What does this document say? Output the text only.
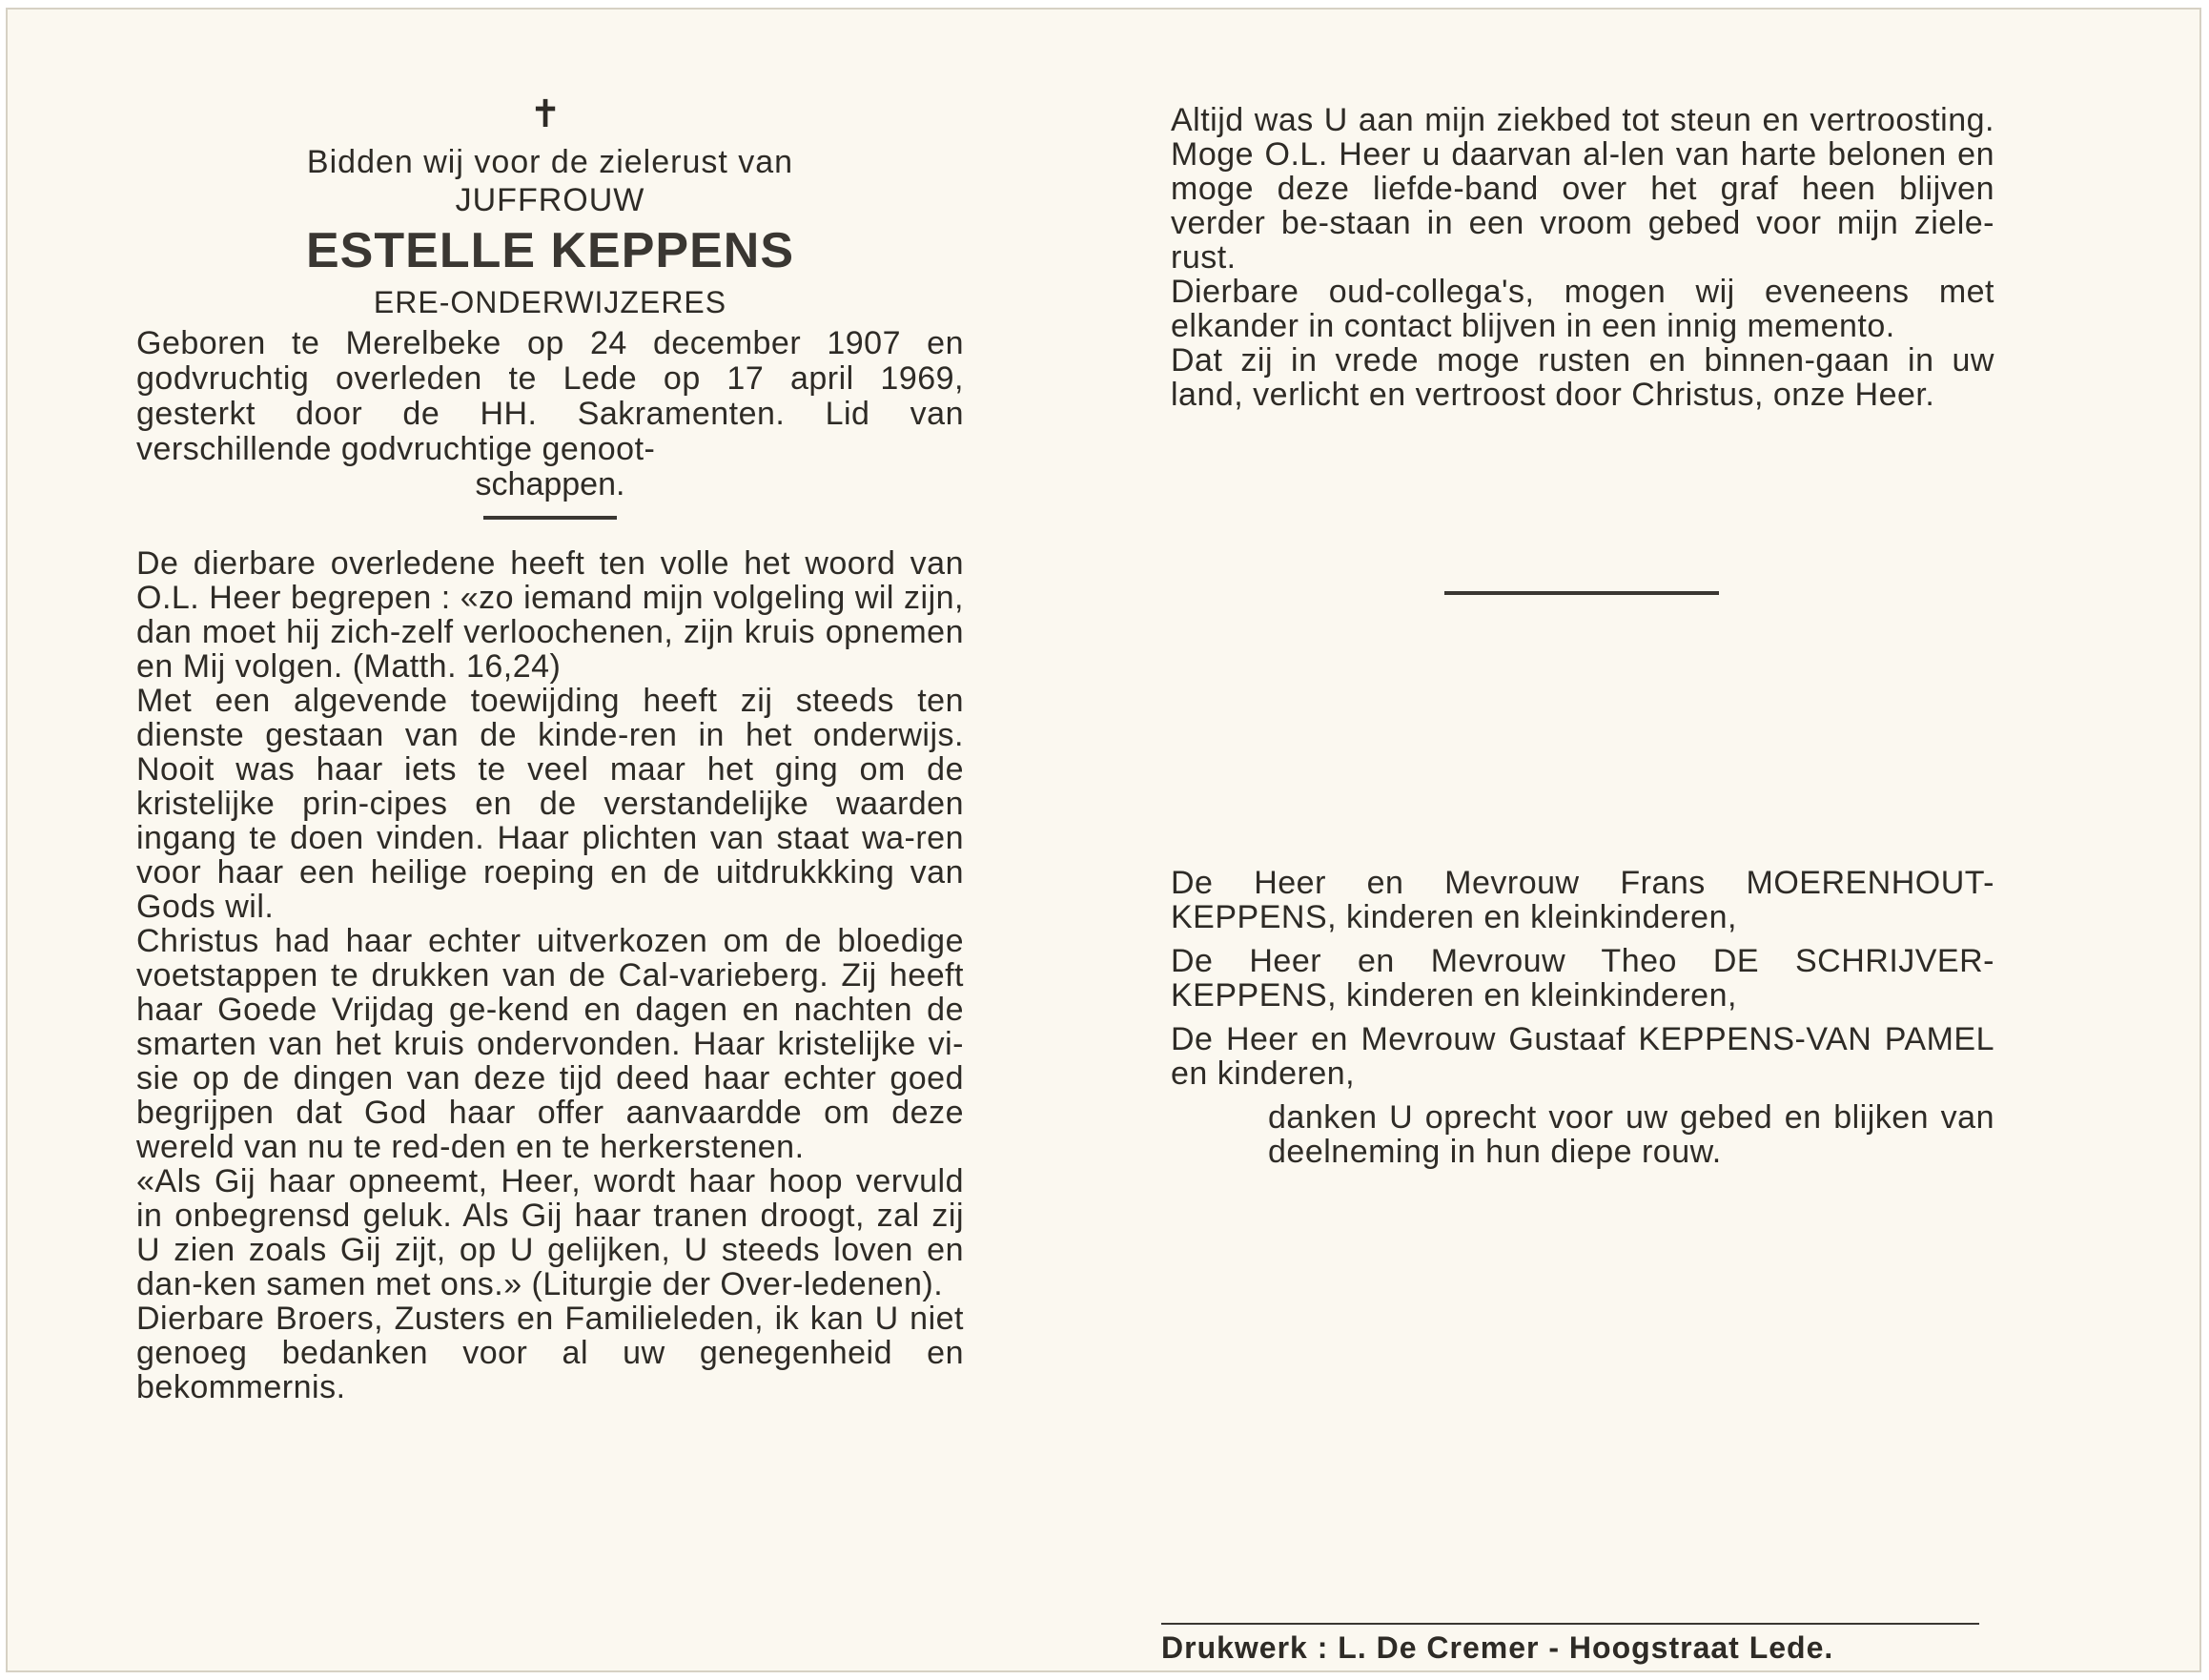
✝
Bidden wij voor de zielerust van
JUFFROUW
ESTELLE KEPPENS
ERE-ONDERWIJZERES

Geboren te Merelbeke op 24 december 1907 en godvruchtig overleden te Lede op 17 april 1969, gesterkt door de HH. Sakramenten. Lid van verschillende godvruchtige genoot-

schappen.

De dierbare overledene heeft ten volle het woord van O.L. Heer begrepen : «zo iemand mijn volgeling wil zijn, dan moet hij zich-zelf verloochenen, zijn kruis opnemen en Mij volgen. (Matth. 16,24)

Met een algevende toewijding heeft zij steeds ten dienste gestaan van de kinde-ren in het onderwijs. Nooit was haar iets te veel maar het ging om de kristelijke prin-cipes en de verstandelijke waarden ingang te doen vinden. Haar plichten van staat wa-ren voor haar een heilige roeping en de uitdrukkking van Gods wil.

Christus had haar echter uitverkozen om de bloedige voetstappen te drukken van de Cal-varieberg. Zij heeft haar Goede Vrijdag ge-kend en dagen en nachten de smarten van het kruis ondervonden. Haar kristelijke vi-sie op de dingen van deze tijd deed haar echter goed begrijpen dat God haar offer aanvaardde om deze wereld van nu te red-den en te herkerstenen.

«Als Gij haar opneemt, Heer, wordt haar hoop vervuld in onbegrensd geluk. Als Gij haar tranen droogt, zal zij U zien zoals Gij zijt, op U gelijken, U steeds loven en dan-ken samen met ons.» (Liturgie der Over-ledenen).

Dierbare Broers, Zusters en Familieleden, ik kan U niet genoeg bedanken voor al uw genegenheid en bekommernis.

Altijd was U aan mijn ziekbed tot steun en vertroosting. Moge O.L. Heer u daarvan al-len van harte belonen en moge deze liefde-band over het graf heen blijven verder be-staan in een vroom gebed voor mijn ziele-rust.

Dierbare oud-collega's, mogen wij eveneens met elkander in contact blijven in een innig memento.

Dat zij in vrede moge rusten en binnen-gaan in uw land, verlicht en vertroost door Christus, onze Heer.

De Heer en Mevrouw Frans MOERENHOUT-KEPPENS, kinderen en kleinkinderen,

De Heer en Mevrouw Theo DE SCHRIJVER-KEPPENS, kinderen en kleinkinderen,

De Heer en Mevrouw Gustaaf KEPPENS-VAN PAMEL en kinderen,

danken U oprecht voor uw gebed en blijken van deelneming in hun diepe rouw.

Drukwerk : L. De Cremer - Hoogstraat Lede.
